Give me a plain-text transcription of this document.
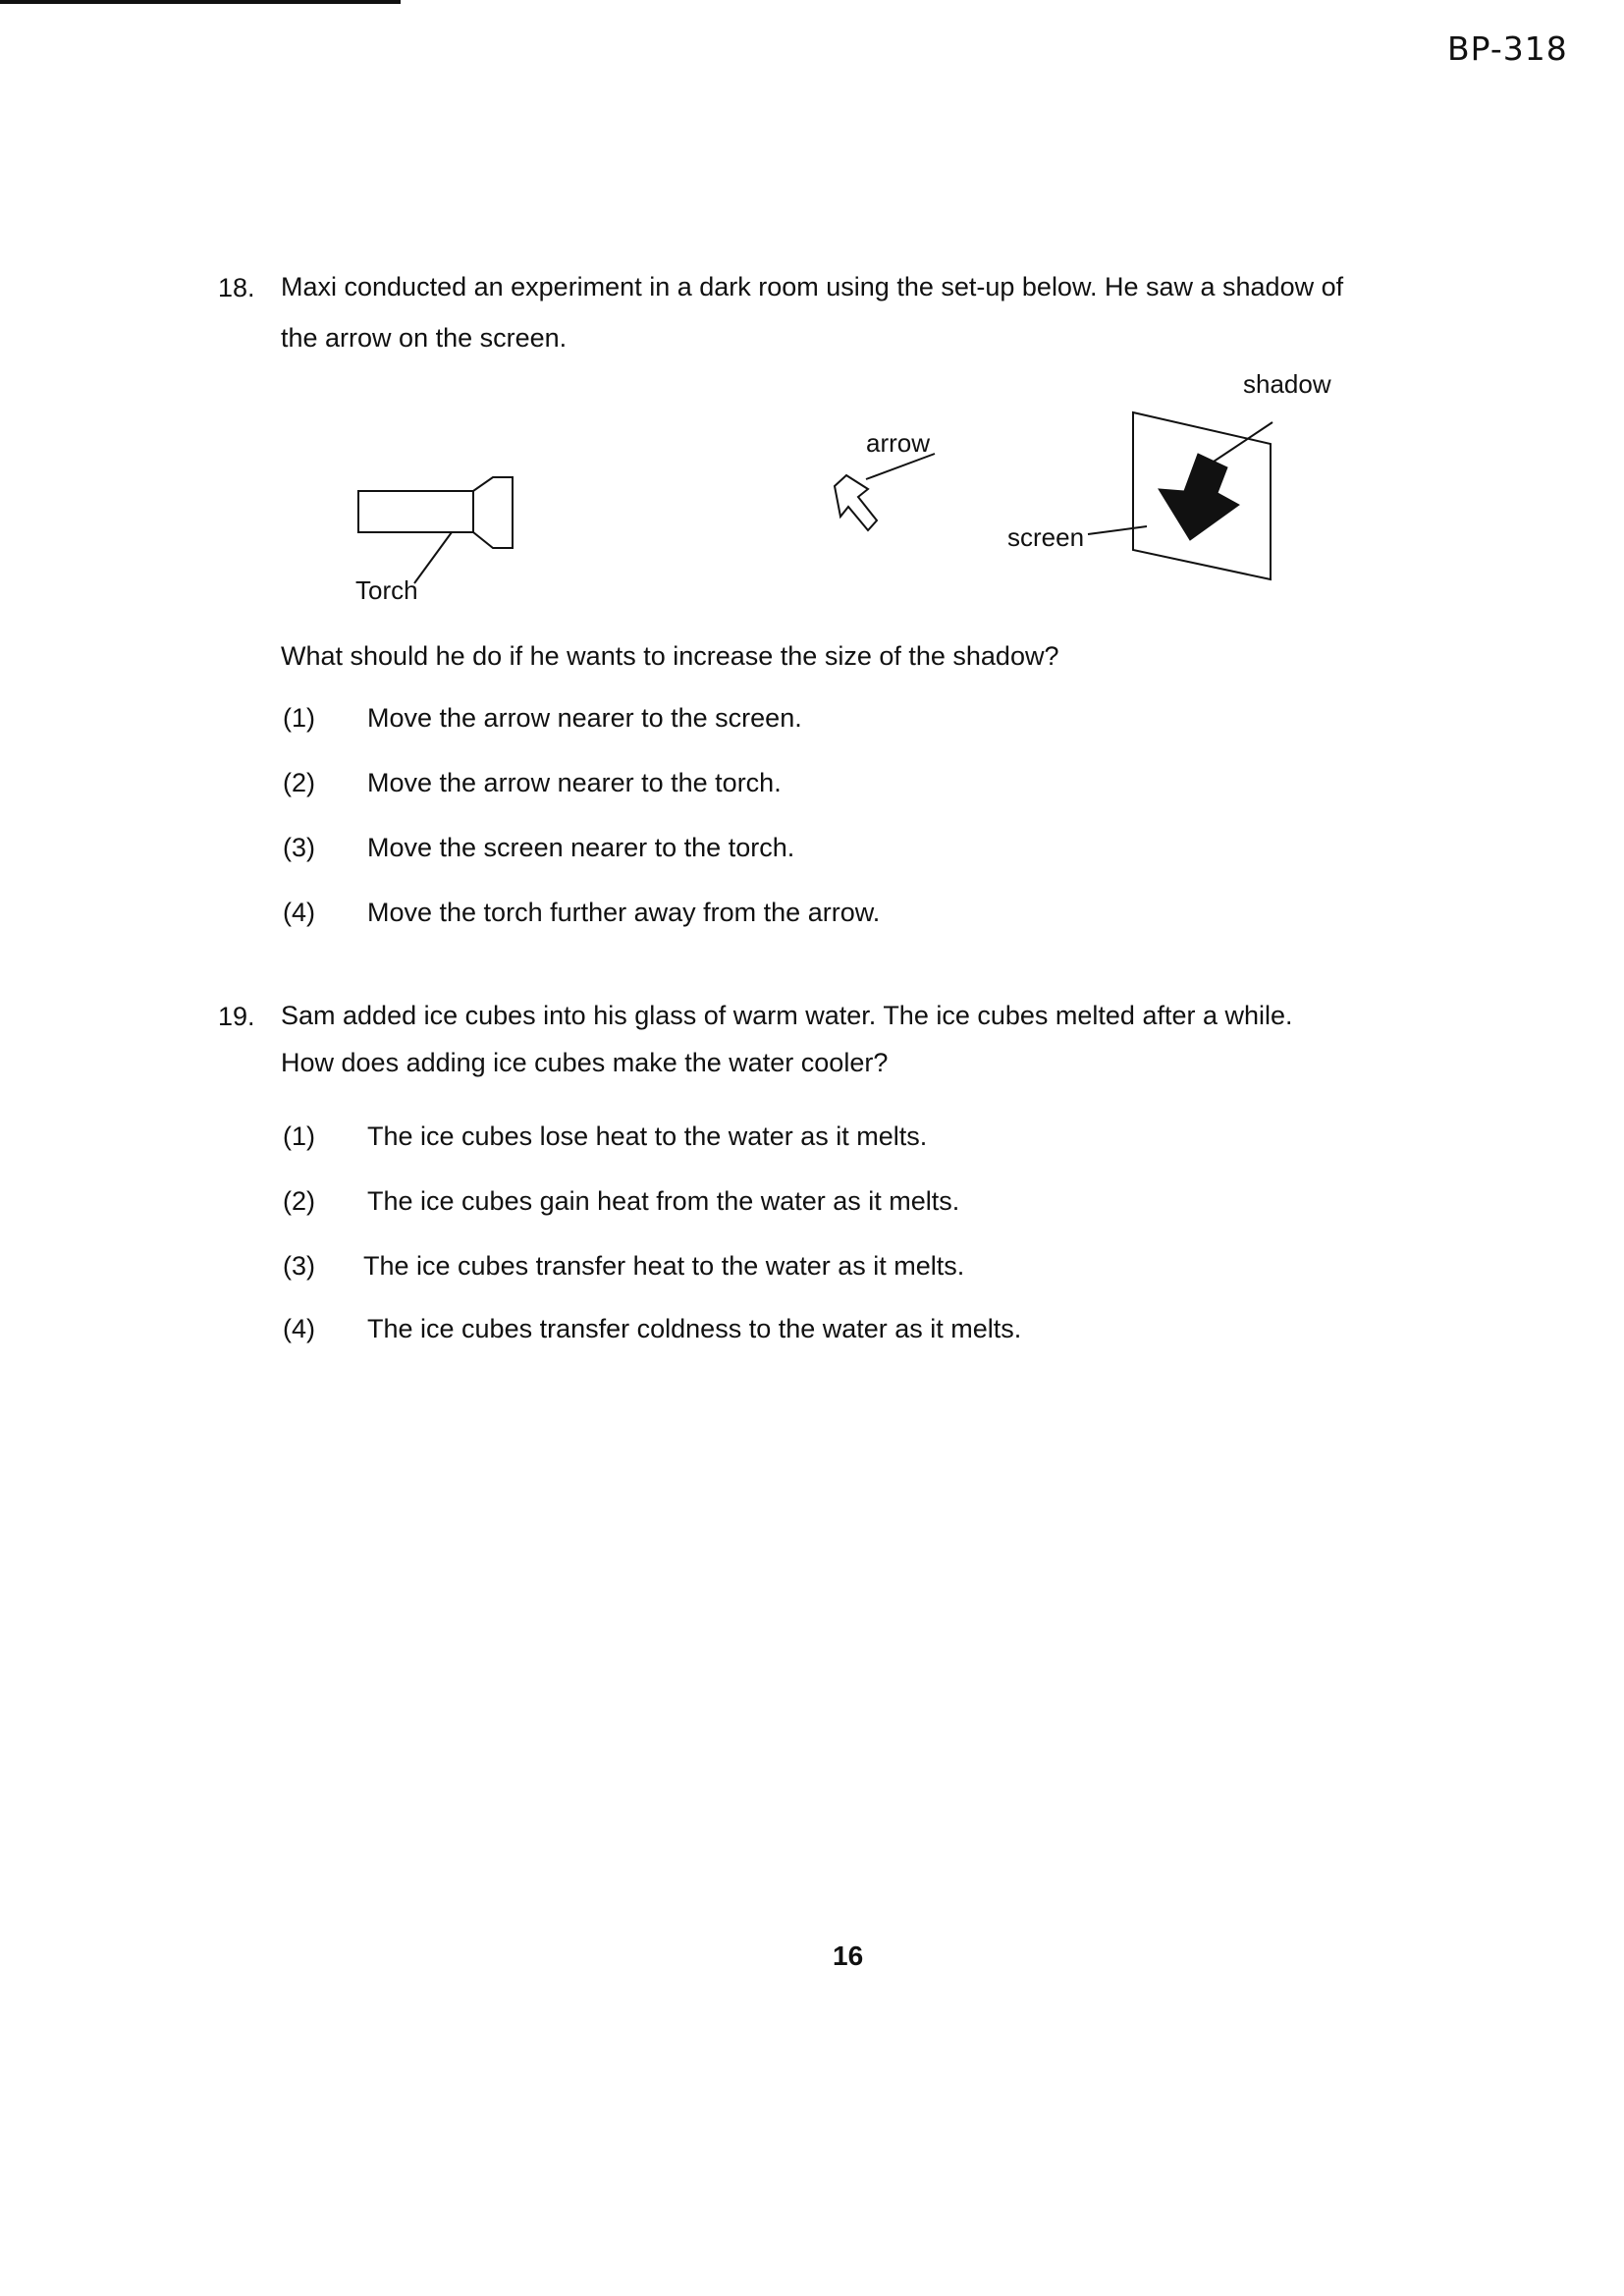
BP-318
18. Maxi conducted an experiment in a dark room using the set-up below. He saw a shadow of
the arrow on the screen.
Torch
arrow
screen
shadow
What should he do if he wants to increase the size of the shadow?
(1) Move the arrow nearer to the screen.
(2) Move the arrow nearer to the torch.
(3) Move the screen nearer to the torch.
(4) Move the torch further away from the arrow.
19. Sam added ice cubes into his glass of warm water. The ice cubes melted after a while.
How does adding ice cubes make the water cooler?
(1) The ice cubes lose heat to the water as it melts.
(2) The ice cubes gain heat from the water as it melts.
(3) The ice cubes transfer heat to the water as it melts.
(4) The ice cubes transfer coldness to the water as it melts.
16
